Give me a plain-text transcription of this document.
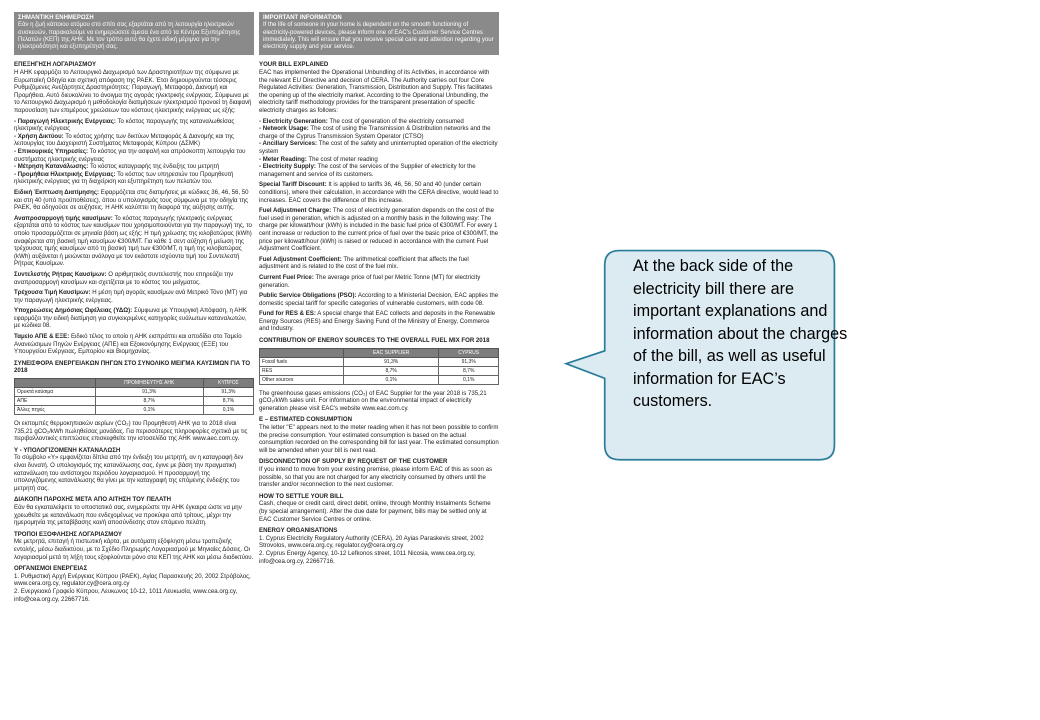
ΣΗΜΑΝΤΙΚΗ ΕΝΗΜΕΡΩΣΗ
Εάν η ζωή κάποιου ατόμου στο σπίτι σας εξαρτάται από τη λειτουργία ηλεκτρικών συσκευών, παρακαλούμε να ενημερώσετε άμεσα ένα από τα Κέντρα Εξυπηρέτησης Πελατών (ΚΕΠ) της ΑΗΚ. Με τον τρόπο αυτό θα έχετε ειδική μέριμνα για την ηλεκτροδότηση και εξυπηρέτησή σας.
ΕΠΕΞΗΓΗΣΗ ΛΟΓΑΡΙΑΣΜΟΥ
Η ΑΗΚ εφαρμόζει το Λειτουργικό Διαχωρισμό των Δραστηριοτήτων της σύμφωνα με Ευρωπαϊκή Οδηγία και σχετική απόφαση της ΡΑΕΚ. Έτσι δημιουργούνται τέσσερις Ρυθμιζόμενες Ανεξάρτητες Δραστηριότητες: Παραγωγή, Μεταφορά, Διανομή και Προμήθεια. Αυτό διευκολύνει το άνοιγμα της αγοράς ηλεκτρικής ενέργειας. Σύμφωνα με το Λειτουργικό Διαχωρισμό η μεθοδολογία διατιμήσεων ηλεκτρισμού προνοεί τη διαφανή παρουσίαση των επιμέρους χρεώσεων του κόστους ηλεκτρικής ενέργειας ως εξής:
- Παραγωγή Ηλεκτρικής Ενέργειας: Το κόστος παραγωγής της καταναλωθείσας ηλεκτρικής ενέργειας
- Χρήση Δικτύου: Το κόστος χρήσης των δικτύων Μεταφοράς & Διανομής και της λειτουργίας του Διαχειριστή Συστήματος Μεταφοράς Κύπρου (ΔΣΜΚ)
- Επικουρικές Υπηρεσίες: Το κόστος για την ασφαλή και απρόσκοπτη λειτουργία του συστήματος ηλεκτρικής ενέργειας
- Μέτρηση Κατανάλωσης: Το κόστος καταγραφής της ένδειξης του μετρητή
- Προμήθεια Ηλεκτρικής Ενέργειας: Το κόστος των υπηρεσιών του Προμηθευτή ηλεκτρικής ενέργειας για τη διαχείριση και εξυπηρέτηση των πελατών του.
Ειδική Έκπτωση Διατίμησης: Εφαρμόζεται στις διατιμήσεις με κώδικες 36, 46, 56, 50 και στη 40 (υπό προϋποθέσεις), όπου ο υπολογισμός τους σύμφωνα με την οδηγία της ΡΑΕΚ, θα οδηγούσε σε αυξήσεις. Η ΑΗΚ καλύπτει τη διαφορά της αύξησης αυτής.
Αναπροσαρμογή τιμής καυσίμων: Το κόστος παραγωγής ηλεκτρικής ενέργειας εξαρτάται από το κόστος των καυσίμων που χρησιμοποιούνται για την παραγωγή της, το οποίο προσαρμόζεται σε μηνιαία βάση ως εξής: Η τιμή χρέωσης της κιλοβατώρας (kWh) αναφέρεται στη βασική τιμή καυσίμων €300/ΜΤ. Για κάθε 1 σεντ αύξηση ή μείωση της τρέχουσας τιμής καυσίμων από τη βασική τιμή των €300/ΜΤ, η τιμή της κιλοβατώρας (kWh) αυξάνεται ή μειώνεται ανάλογα με τον εκάστοτε ισχύοντα τιμή του Συντελεστή Ρήτρας Καυσίμων.
Συντελεστής Ρήτρας Καυσίμων: Ο αριθμητικός συντελεστής που επηρεάζει την αναπροσαρμογή καυσίμων και σχετίζεται με το κόστος του μείγματος.
Τρέχουσα Τιμή Καυσίμων: Η μέση τιμή αγοράς καυσίμων ανά Μετρικό Τόνο (ΜΤ) για την παραγωγή ηλεκτρικής ενέργειας.
Υποχρεώσεις Δημόσιας Ωφέλειας (ΥΔΩ): Σύμφωνα με Υπουργική Απόφαση, η ΑΗΚ εφαρμόζει την ειδική διατίμηση για συγκεκριμένες κατηγορίες ευάλωτων καταναλωτών, με κώδικα 08.
Ταμείο ΑΠΕ & ΕΞΕ: Ειδικό τέλος το οποίο η ΑΗΚ εισπράττει και αποδίδει στο Ταμείο Ανανεώσιμων Πηγών Ενέργειας (ΑΠΕ) και Εξοικονόμησης Ενέργειας (ΕΞΕ) του Υπουργείου Ενέργειας, Εμπορίου και Βιομηχανίας.
ΣΥΝΕΙΣΦΟΡΑ ΕΝΕΡΓΕΙΑΚΩΝ ΠΗΓΩΝ ΣΤΟ ΣΥΝΟΛΙΚΟ ΜΕΙΓΜΑ ΚΑΥΣΙΜΩΝ ΓΙΑ ΤΟ 2018
	ΠΡΟΜΗΘΕΥΤΗΣ ΑΗΚ	ΚΥΠΡΟΣ
Ορυκτά καύσιμα	91,3%	91,3%
ΑΠΕ	8,7%	8,7%
Άλλες πηγές	0,1%	0,1%
Οι εκπομπές θερμοκηπιακών αερίων (CO₂) του Προμηθευτή ΑΗΚ για το 2018 είναι 735,21 gCO₂/kWh πωληθείσας μονάδας. Για περισσότερες πληροφορίες σχετικά με τις περιβαλλοντικές επιπτώσεις επισκεφθείτε την ιστοσελίδα της ΑΗΚ www.aec.com.cy.
Υ - ΥΠΟΛΟΓΙΖΟΜΕΝΗ ΚΑΤΑΝΑΛΩΣΗ
Το σύμβολο «Υ» εμφανίζεται δίπλα από την ένδειξη του μετρητή, αν η καταγραφή δεν είναι δυνατή. Ο υπολογισμός της κατανάλωσης σας, έγινε με βάση την πραγματική κατανάλωση του αντίστοιχου περιόδου λογαριασμού. Η προσαρμογή της υπολογιζόμενης κατανάλωσης θα γίνει με την καταγραφή της επόμενης ένδειξης του μετρητή σας.
ΔΙΑΚΟΠΗ ΠΑΡΟΧΗΣ ΜΕΤΑ ΑΠΟ ΑΙΤΗΣΗ ΤΟΥ ΠΕΛΑΤΗ
Εάν θα εγκαταλείψετε το υποστατικό σας, ενημερώστε την ΑΗΚ έγκαιρα ώστε να μην χρεωθείτε με κατανάλωση που ενδεχομένως να προκύψει από τρίτους, μέχρι την ημερομηνία της μεταβίβασης και/ή αποσύνδεσης στον επόμενο πελάτη.
ΤΡΟΠΟΙ ΕΞΟΦΛΗΣΗΣ ΛΟΓΑΡΙΑΣΜΟΥ
Με μετρητά, επιταγή ή πιστωτική κάρτα, με αυτόματη εξόφληση μέσω τραπεζικής εντολής, μέσω διαδικτύου, με το Σχέδιο Πληρωμής Λογαριασμού με Μηνιαίες Δόσεις. Οι λογαριασμοί μετά τη λήξη τους εξοφλούνται μόνο στα ΚΕΠ της ΑΗΚ και μέσω διαδικτύου.
ΟΡΓΑΝΙΣΜΟΙ ΕΝΕΡΓΕΙΑΣ
1. Ρυθμιστική Αρχή Ενέργειας Κύπρου (ΡΑΕΚ), Αγίας Παρασκευής 20, 2002 Στρόβολος, www.cera.org.cy, regulator.cy@cera.org.cy
2. Ενεργειακό Γραφείο Κύπρου, Λευκωνος 10-12, 1011 Λευκωσία, www.cea.org.cy, info@cea.org.cy, 22667716.
IMPORTANT INFORMATION
If the life of someone in your home is dependent on the smooth functioning of electricity-powered devices, please inform one of EAC's Customer Service Centres immediately. This will ensure that you receive special care and attention regarding your electricity supply and your service.
YOUR BILL EXPLAINED
EAC has implemented the Operational Unbundling of its Activities, in accordance with the relevant EU Directive and decision of CERA. The Authority carries out four Core Regulated Activities: Generation, Transmission, Distribution and Supply. This facilitates the opening up of the electricity market. According to the Operational Unbundling, the electricity tariff methodology provides for the transparent presentation of specific electricity charges as follows:
- Electricity Generation: The cost of generation of the electricity consumed
- Network Usage: The cost of using the Transmission & Distribution networks and the charge of the Cyprus Transmission System Operator (CTSO)
- Ancillary Services: The cost of the safety and uninterrupted operation of the electricity system
- Meter Reading: The cost of meter reading
- Electricity Supply: The cost of the services of the Supplier of electricity for the management and service of its customers.
Special Tariff Discount: It is applied to tariffs 36, 46, 56, 50 and 40 (under certain conditions), where their calculation, in accordance with the CERA directive, would lead to increases. EAC covers the difference of this increase.
Fuel Adjustment Charge: The cost of electricity generation depends on the cost of the fuel used in generation, which is adjusted on a monthly basis in the following way: The charge per kilowatt/hour (kWh) is included in the basic fuel price of €300/MT. For every 1 cent increase or reduction to the current price of fuel over the basic price of €300/MT, the price per kilowatt/hour (kWh) is raised or reduced in accordance with the current Fuel Adjustment Coefficient.
Fuel Adjustment Coefficient: The arithmetical coefficient that affects the fuel adjustment and is related to the cost of the fuel mix.
Current Fuel Price: The average price of fuel per Metric Tonne (MT) for electricity generation.
Public Service Obligations (PSO): According to a Ministerial Decision, EAC applies the domestic special tariff for specific categories of vulnerable customers, with code 08.
Fund for RES & ES: A special charge that EAC collects and deposits in the Renewable Energy Sources (RES) and Energy Saving Fund of the Ministry of Energy, Commerce and Industry.
CONTRIBUTION OF ENERGY SOURCES TO THE OVERALL FUEL MIX FOR 2018
	EAC SUPPLIER	CYPRUS
Fossil fuels	91,3%	91,3%
RES	8,7%	8,7%
Other sources	0,1%	0,1%
The greenhouse gases emissions (CO₂) of EAC Supplier for the year 2018 is 735,21 gCO₂/kWh sales unit. For information on the environmental impact of electricity generation please visit EAC's website www.eac.com.cy.
E – ESTIMATED CONSUMPTION
The letter "E" appears next to the meter reading when it has not been possible to confirm the precise consumption. Your estimated consumption is based on the actual consumption recorded on the corresponding bill for last year. The estimated consumption will be amended when your bill is next read.
DISCONNECTION OF SUPPLY BY REQUEST OF THE CUSTOMER
If you intend to move from your existing premise, please inform EAC of this as soon as possible, so that you are not charged for any electricity consumed by others until the transfer and/or reconnection to the next customer.
HOW TO SETTLE YOUR BILL
Cash, cheque or credit card, direct debit, online, through Monthly Instalments Scheme (by special arrangement). After the due date for payment, bills may be settled only at EAC Customer Service Centres or online.
ENERGY ORGANISATIONS
1. Cyprus Electricity Regulatory Authority (CERA), 20 Ayias Paraskevis street, 2002 Strovolos, www.cera.org.cy, regulator.cy@cera.org.cy
2. Cyprus Energy Agency, 10-12 Lefkonos street, 1011 Nicosia, www.cea.org.cy, info@cea.org.cy, 22667716.
At the back side of the electricity bill there are important explanations and information about the charges of the bill, as well as useful information for EAC’s customers.
